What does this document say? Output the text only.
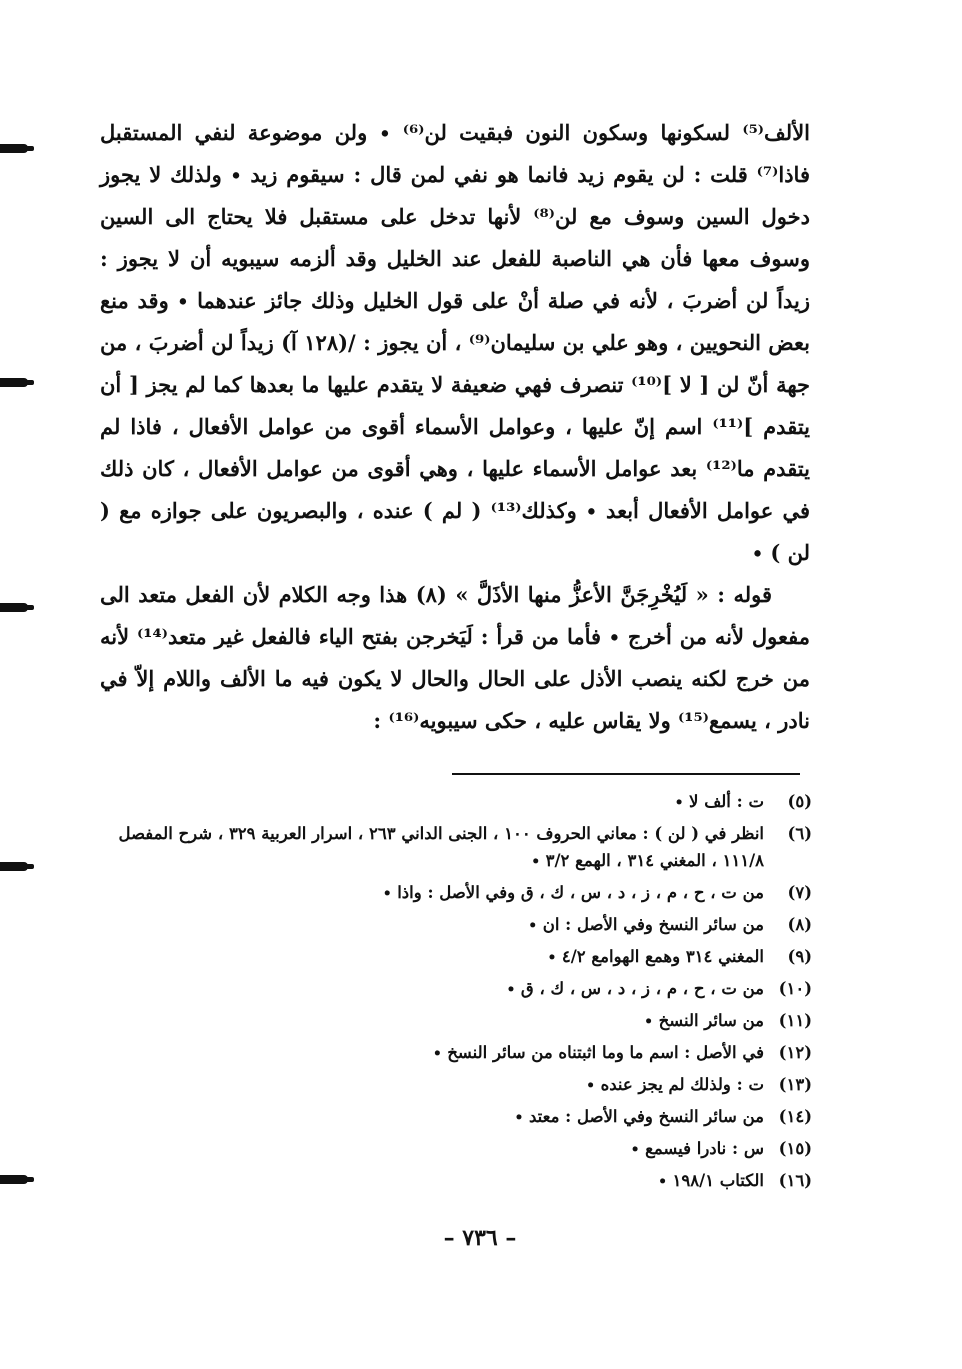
الألف⁽⁵⁾ لسكونها وسكون النون فبقيت لن⁽⁶⁾ ∙ ولن موضوعة لنفي المستقبل فاذا⁽⁷⁾ قلت : لن يقوم زيد فانما هو نفي لمن قال : سيقوم زيد ∙ ولذلك لا يجوز دخول السين وسوف مع لن⁽⁸⁾ لأنها تدخل على مستقبل فلا يحتاج الى السين وسوف معها فأن هي الناصبة للفعل عند الخليل وقد ألزمه سيبويه أن لا يجوز : زيداً لن أضربَ ، لأنه في صلة أنْ على قول الخليل وذلك جائز عندهما ∙ وقد منع بعض النحويين ، وهو علي بن سليمان⁽⁹⁾ ، أن يجوز : /(١٢٨ آ) زيداً لن أضربَ ، من جهة أنّ لن [ لا ]⁽¹⁰⁾ تنصرف فهي ضعيفة لا يتقدم عليها ما بعدها كما لم يجز [ أن يتقدم ]⁽¹¹⁾ اسم إنّ عليها ، وعوامل الأسماء أقوى من عوامل الأفعال ، فاذا لم يتقدم ما⁽¹²⁾ بعد عوامل الأسماء عليها ، وهي أقوى من عوامل الأفعال ، كان ذلك في عوامل الأفعال أبعد ∙ وكذلك⁽¹³⁾ ( لم ) عنده ، والبصريون على جوازه مع ( لن ) ∙

قوله : « لَيُخْرِجَنَّ الأعزُّ منها الأذَلَّ » (٨) هذا وجه الكلام لأن الفعل متعد الى مفعول لأنه من أخرج ∙ فأما من قرأ : لَيَخرجن بفتح الياء فالفعل غير متعد⁽¹⁴⁾ لأنه من خرج لكنه ينصب الأذل على الحال والحال لا يكون فيه ما الألف واللام إلاّ في نادر ، يسمع⁽¹⁵⁾ ولا يقاس عليه ، حكى سيبويه⁽¹⁶⁾ :

(٥)
ت : ألف لا ∙
(٦)
انظر في ( لن ) : معاني الحروف ١٠٠ ، الجنى الداني ٢٦٣ ، اسرار العربية ٣٢٩ ، شرح المفصل ١١١/٨ ، المغني ٣١٤ ، الهمع ٣/٢ ∙
(٧)
من ت ، ح ، م ، ز ، د ، س ، ك ، ق وفي الأصل : واذا ∙
(٨)
من سائر النسخ وفي الأصل : ان ∙
(٩)
المغني ٣١٤ وهمع الهوامع ٤/٢ ∙
(١٠)
من ت ، ح ، م ، ز ، د ، س ، ك ، ق ∙
(١١)
من سائر النسخ ∙
(١٢)
في الأصل : اسم ما وما اثبتناه من سائر النسخ ∙
(١٣)
ت : ولذلك لم يجز عنده ∙
(١٤)
من سائر النسخ وفي الأصل : معتد ∙
(١٥)
س : نادرا فيسمع ∙
(١٦)
الكتاب ١٩٨/١ ∙
– ٧٣٦ –
